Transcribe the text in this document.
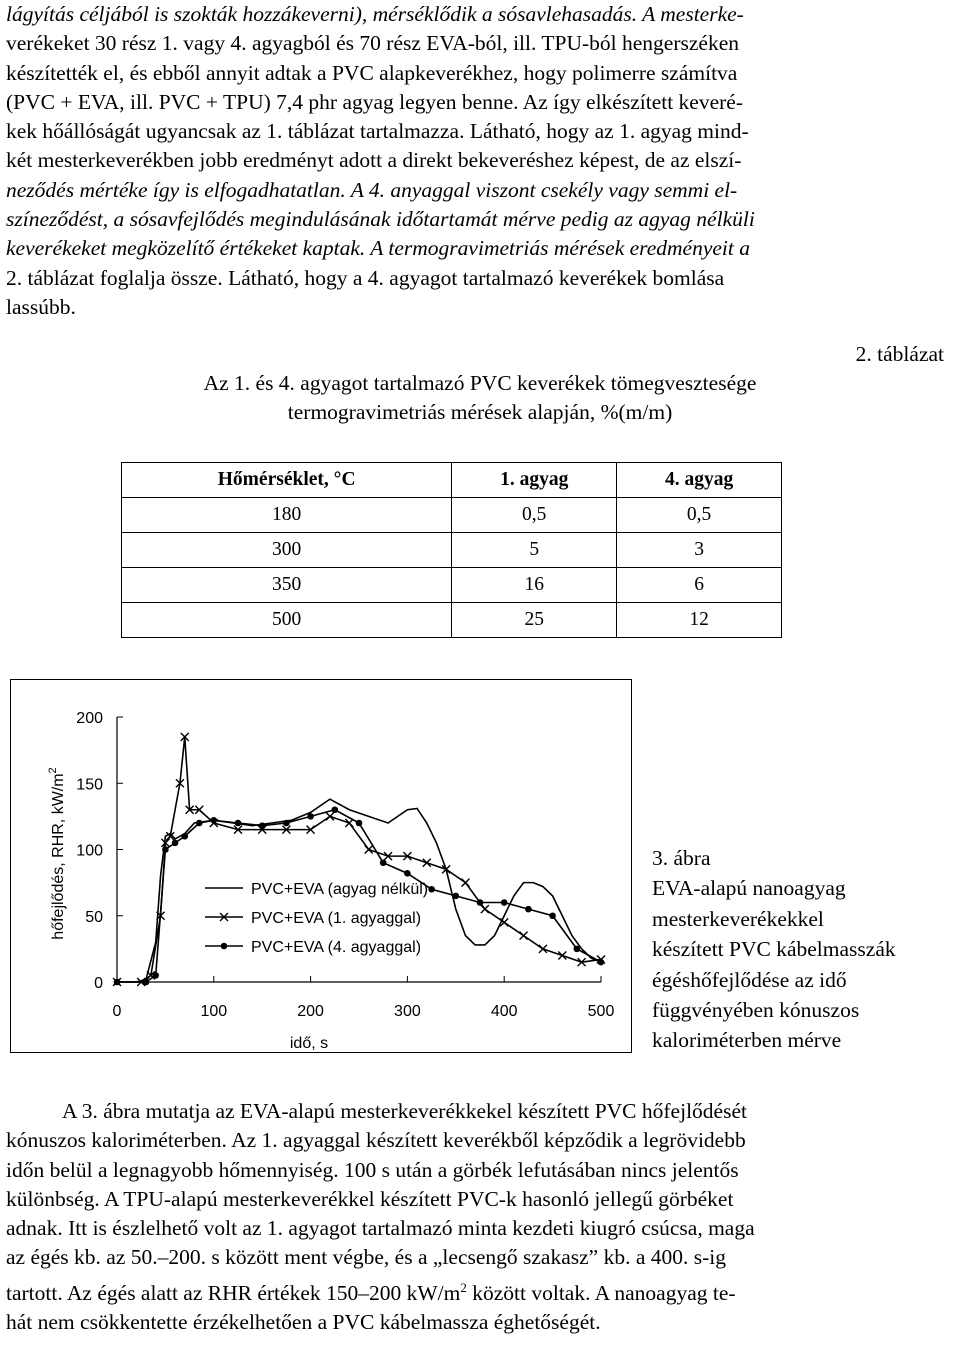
lágyítás céljából is szokták hozzákeverni), mérséklődik a sósavlehasadás. A mesterke-
verékeket 30 rész 1. vagy 4. agyagból és 70 rész EVA-ból, ill. TPU-ból hengerszéken
készítették el, és ebből annyit adtak a PVC alapkeverékhez, hogy polimerre számítva
(PVC + EVA, ill. PVC + TPU) 7,4 phr agyag legyen benne. Az így elkészített keveré-
kek hőállóságát ugyancsak az 1. táblázat tartalmazza. Látható, hogy az 1. agyag mind-
két mesterkeverékben jobb eredményt adott a direkt bekeveréshez képest, de az elszí-
neződés mértéke így is elfogadhatatlan. A 4. anyaggal viszont csekély vagy semmi el-
színeződést, a sósavfejlődés megindulásának időtartamát mérve pedig az agyag nélküli
keverékeket megközelítő értékeket kaptak. A termogravimetriás mérések eredményeit a
2. táblázat foglalja össze. Látható, hogy a 4. agyagot tartalmazó keverékek bomlása
lassúbb.
2. táblázat
Az 1. és 4. agyagot tartalmazó PVC keverékek tömegvesztesége
termogravimetriás mérések alapján, %(m/m)
Hőmérséklet, °C	1. agyag	4. agyag
180	0,5	0,5
300	5	3
350	16	6
500	25	12
0
50
100
150
200
0	100	200	300	400	500
idő, s
hőfejlődés, RHR, $kW/m^2$
PVC+EVA (agyag nélkül)
PVC+EVA (1. agyaggal)
PVC+EVA (4. agyaggal)
3. ábra
EVA-alapú nanoagyag
mesterkeverékekkel
készített PVC kábelmasszák
égéshőfejlődése az idő
függvényében kónuszos
kaloriméterben mérve
A 3. ábra mutatja az EVA-alapú mesterkeverékkekel készített PVC hőfejlődését
kónuszos kaloriméterben. Az 1. agyaggal készített keverékből képződik a legrövidebb
időn belül a legnagyobb hőmennyiség. 100 s után a görbék lefutásában nincs jelentős
különbség. A TPU-alapú mesterkeverékkel készített PVC-k hasonló jellegű görbéket
adnak. Itt is észlelhető volt az 1. agyagot tartalmazó minta kezdeti kiugró csúcsa, maga
az égés kb. az 50.–200. s között ment végbe, és a „lecsengő szakasz” kb. a 400. s-ig
tartott. Az égés alatt az RHR értékek 150–200 $kW/m^2$ között voltak. A nanoagyag te-
hát nem csökkentette érzékelhetően a PVC kábelmassza éghetőségét.
